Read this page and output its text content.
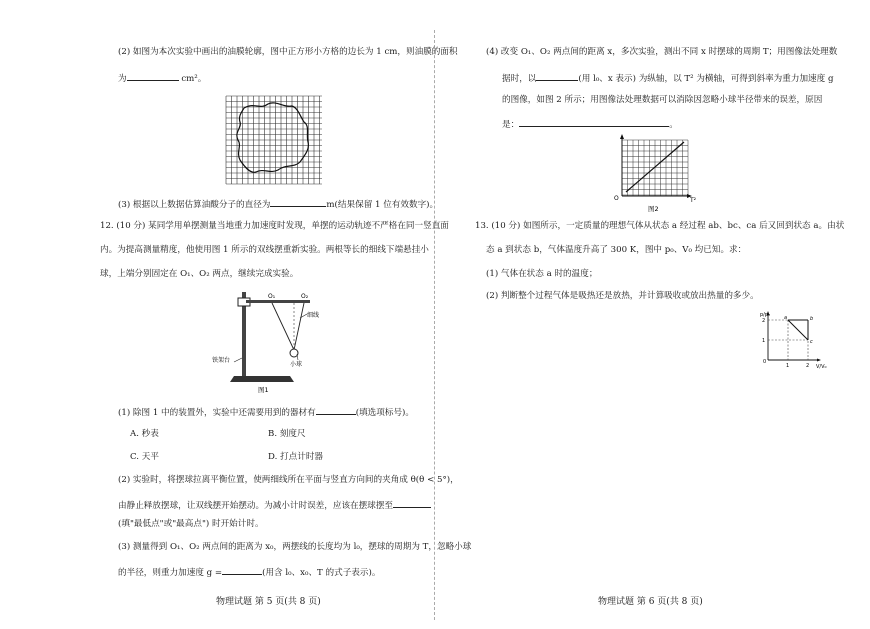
(2) 如图为本次实验中画出的油膜轮廓，图中正方形小方格的边长为 1 cm，则油膜的面积
为	cm²。
(3) 根据以上数据估算油酸分子的直径为	m(结果保留 1 位有效数字)。
12. (10 分) 某同学用单摆测量当地重力加速度时发现，单摆的运动轨迹不严格在同一竖直面
内。为提高测量精度，他使用图 1 所示的双线摆重新实验。两根等长的细线下端悬挂小
球，上端分别固定在 O₁、O₂ 两点，继续完成实验。
O₁	O₂
细线
小球
铁架台
图1
(1) 除图 1 中的装置外，实验中还需要用到的器材有	(填选项标号)。
A. 秒表	B. 刻度尺
C. 天平	D. 打点计时器
(2) 实验时，将摆球拉离平衡位置，使两细线所在平面与竖直方向间的夹角成 θ(θ < 5°)，
由静止释放摆球，让双线摆开始摆动。为减小计时误差，应该在摆球摆至
(填"最低点"或"最高点") 时开始计时。
(3) 测量得到 O₁、O₂ 两点间的距离为 x₀，两摆线的长度均为 l₀，摆球的周期为 T，忽略小球
的半径，则重力加速度 g =	(用含 l₀、x₀、T 的式子表示)。
物理试题 第 5 页(共 8 页)
(4) 改变 O₁、O₂ 两点间的距离 x，多次实验，测出不同 x 时摆球的周期 T；用图像法处理数
据时，以	(用 l₀、x 表示) 为纵轴，以 T² 为横轴，可得到斜率为重力加速度 g
的图像，如图 2 所示；用图像法处理数据可以消除因忽略小球半径带来的误差，原因
是：	。
O	T²
图2
13. (10 分) 如图所示，一定质量的理想气体从状态 a 经过程 ab、bc、ca 后又回到状态 a。由状
态 a 到状态 b，气体温度升高了 300 K，图中 p₀、V₀ 均已知。求：
(1) 气体在状态 a 时的温度；
(2) 判断整个过程气体是吸热还是放热，并计算吸收或放出热量的多少。
p/p₀
V/V₀
0
1
2
1	2
a	b
c
物理试题 第 6 页(共 8 页)
